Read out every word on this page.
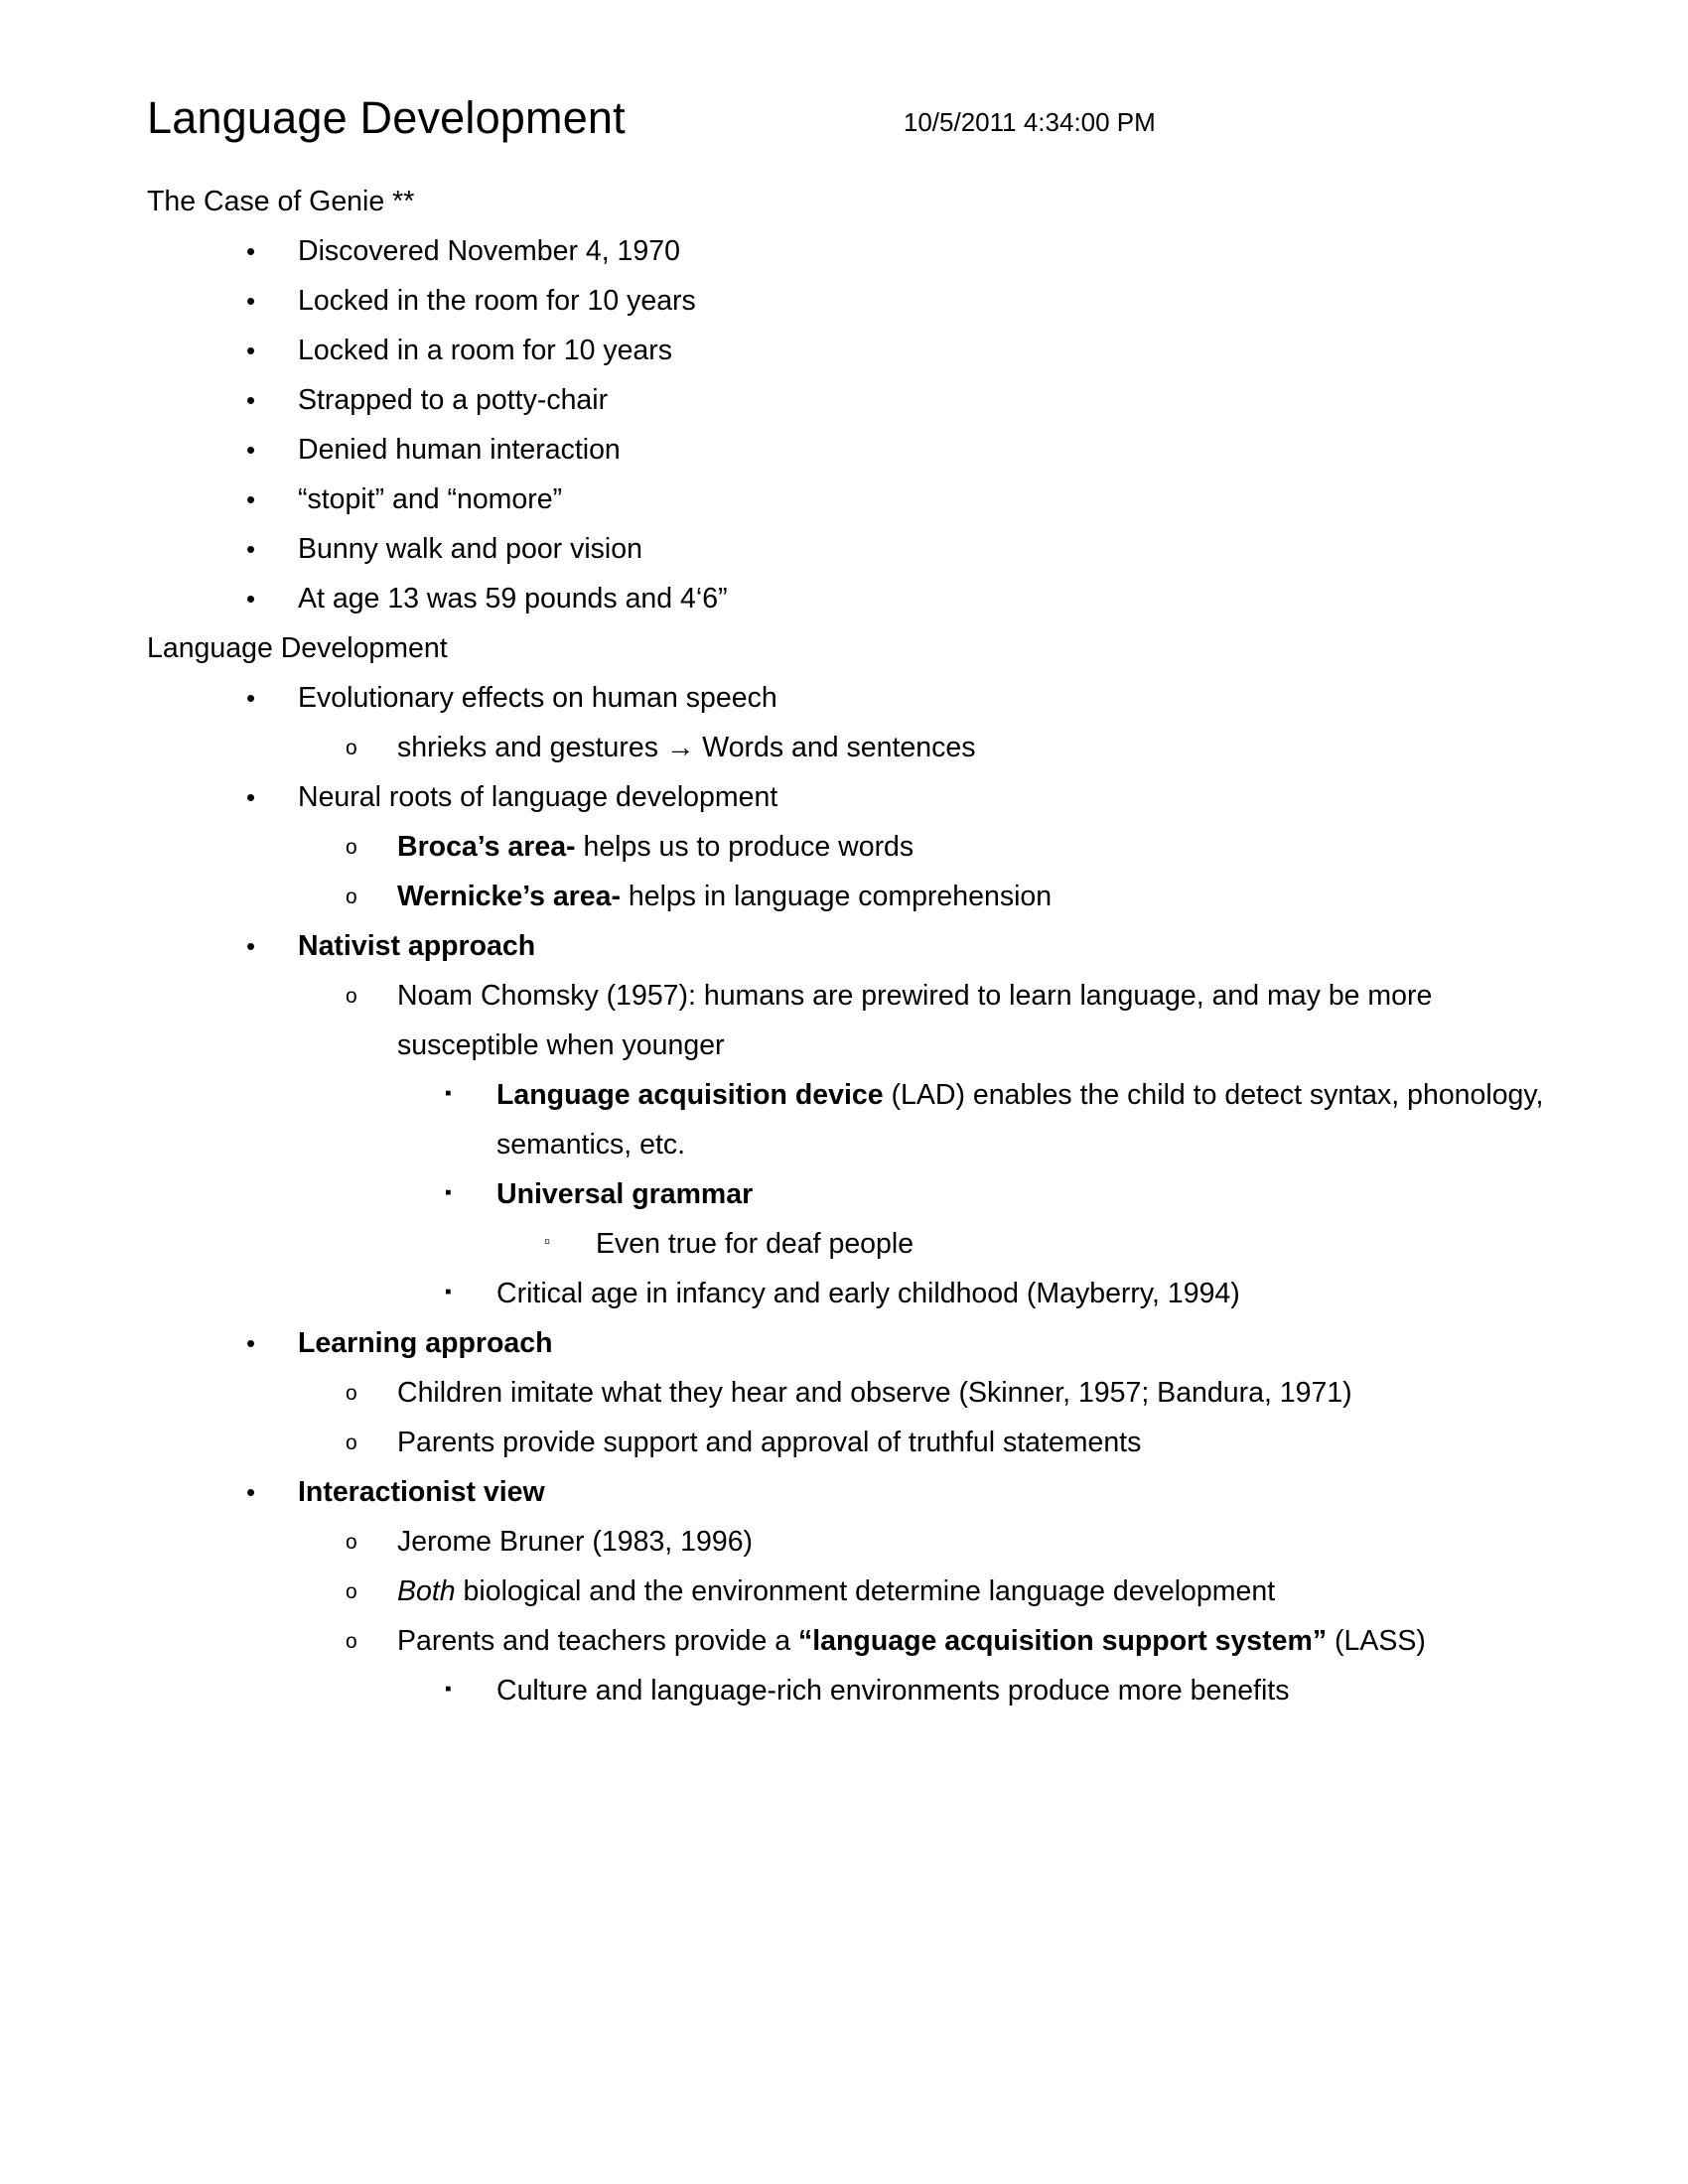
Language Development	10/5/2011 4:34:00 PM
The Case of Genie **
•	Discovered November 4, 1970
•	Locked in the room for 10 years
•	Locked in a room for 10 years
•	Strapped to a potty-chair
•	Denied human interaction
•	“stopit” and “nomore”
•	Bunny walk and poor vision
•	At age 13 was 59 pounds and 4‘6”
Language Development
•	Evolutionary effects on human speech
o	shrieks and gestures → Words and sentences
•	Neural roots of language development
o	Broca’s area- helps us to produce words
o	Wernicke’s area- helps in language comprehension
•	Nativist approach
o	Noam Chomsky (1957): humans are prewired to learn language, and may be more susceptible when younger
▪	Language acquisition device (LAD) enables the child to detect syntax, phonology, semantics, etc.
▪	Universal grammar
▫	Even true for deaf people
▪	Critical age in infancy and early childhood (Mayberry, 1994)
•	Learning approach
o	Children imitate what they hear and observe (Skinner, 1957; Bandura, 1971)
o	Parents provide support and approval of truthful statements
•	Interactionist view
o	Jerome Bruner (1983, 1996)
o	Both biological and the environment determine language development
o	Parents and teachers provide a “language acquisition support system” (LASS)
▪	Culture and language-rich environments produce more benefits
